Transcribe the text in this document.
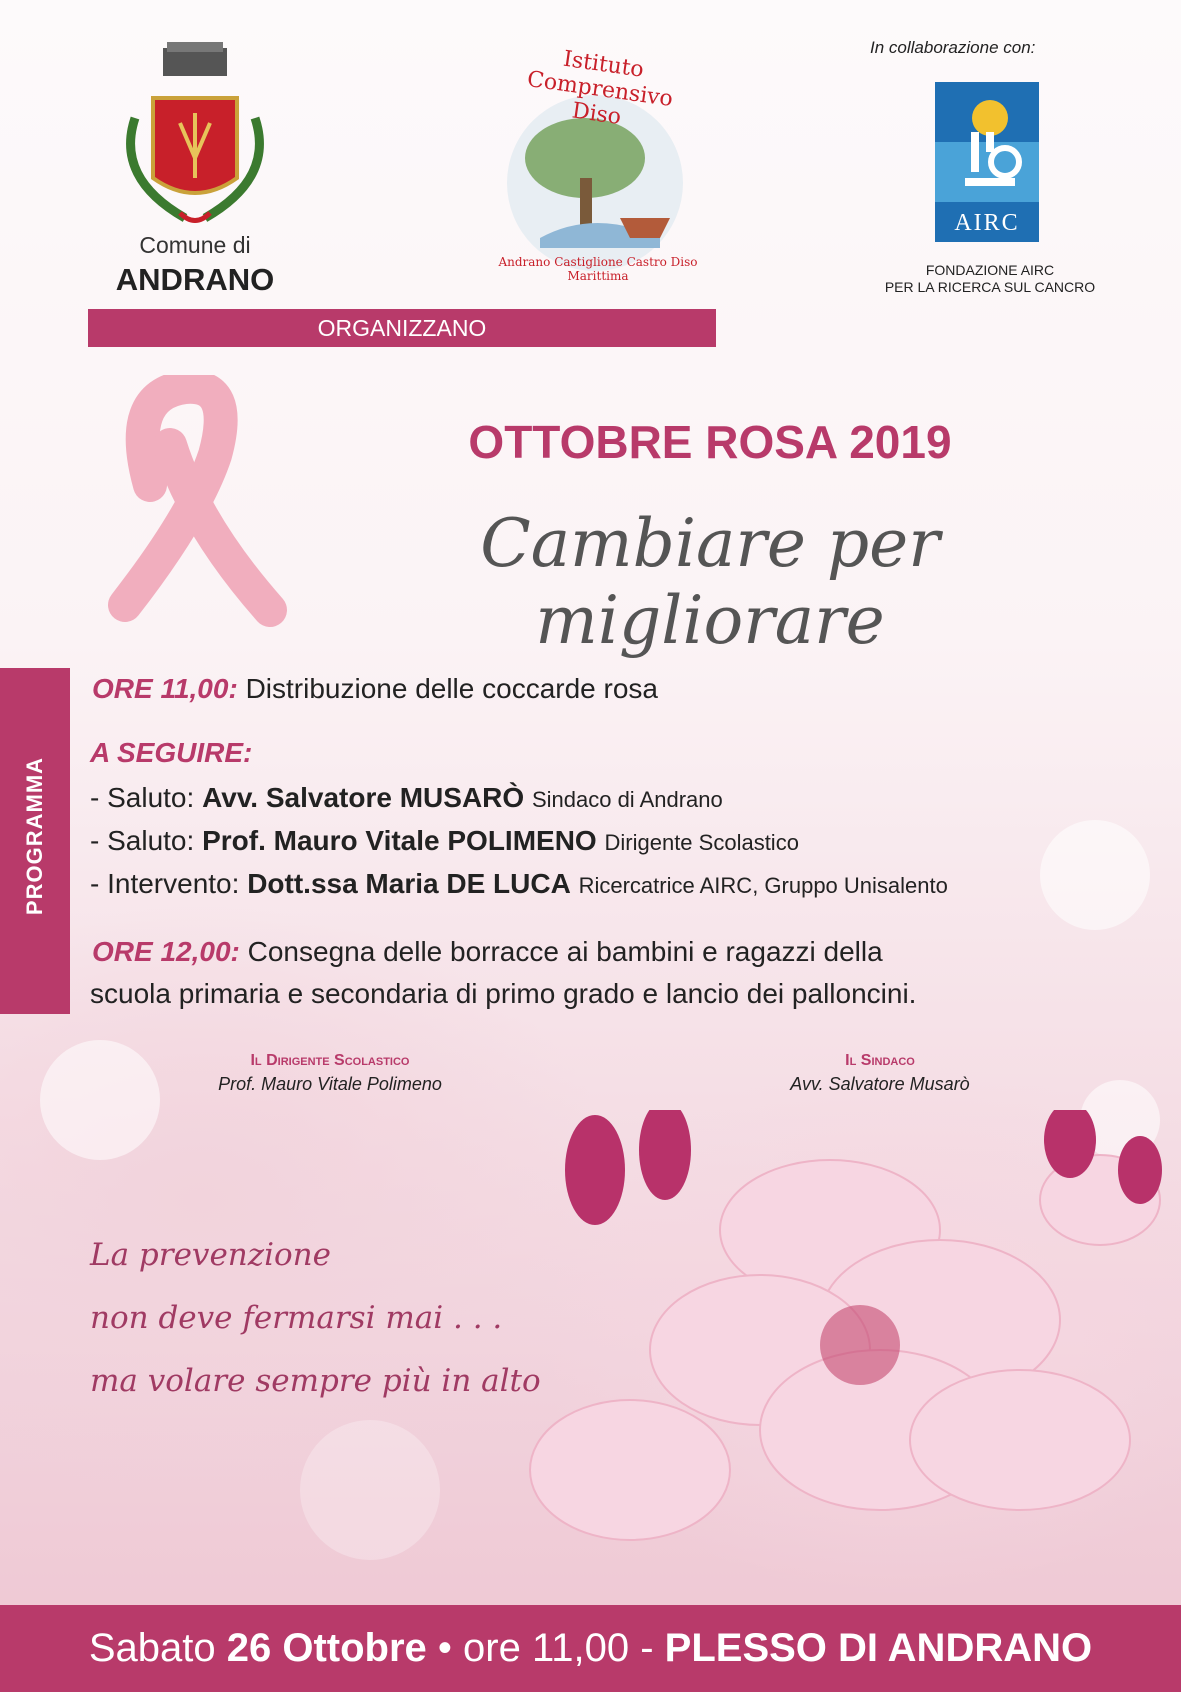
Comune di
ANDRANO
Istituto Comprensivo Diso
Andrano Castiglione Castro Diso Marittima
In collaborazione con:
AIRC
FONDAZIONE AIRC
PER LA RICERCA SUL CANCRO
ORGANIZZANO
OTTOBRE ROSA 2019
Cambiare per migliorare
PROGRAMMA
ORE 11,00: Distribuzione delle coccarde rosa
A SEGUIRE:
- Saluto: Avv. Salvatore MUSARÒ Sindaco di Andrano
- Saluto: Prof. Mauro Vitale POLIMENO Dirigente Scolastico
- Intervento: Dott.ssa Maria DE LUCA Ricercatrice AIRC, Gruppo Unisalento
ORE 12,00: Consegna delle borracce ai bambini e ragazzi della
scuola primaria e secondaria di primo grado e lancio dei palloncini.
Il Dirigente Scolastico
Prof. Mauro Vitale Polimeno
Il Sindaco
Avv. Salvatore Musarò
La prevenzione
non deve fermarsi mai . . .
ma volare sempre più in alto
Sabato 26 Ottobre • ore 11,00 - PLESSO DI ANDRANO
